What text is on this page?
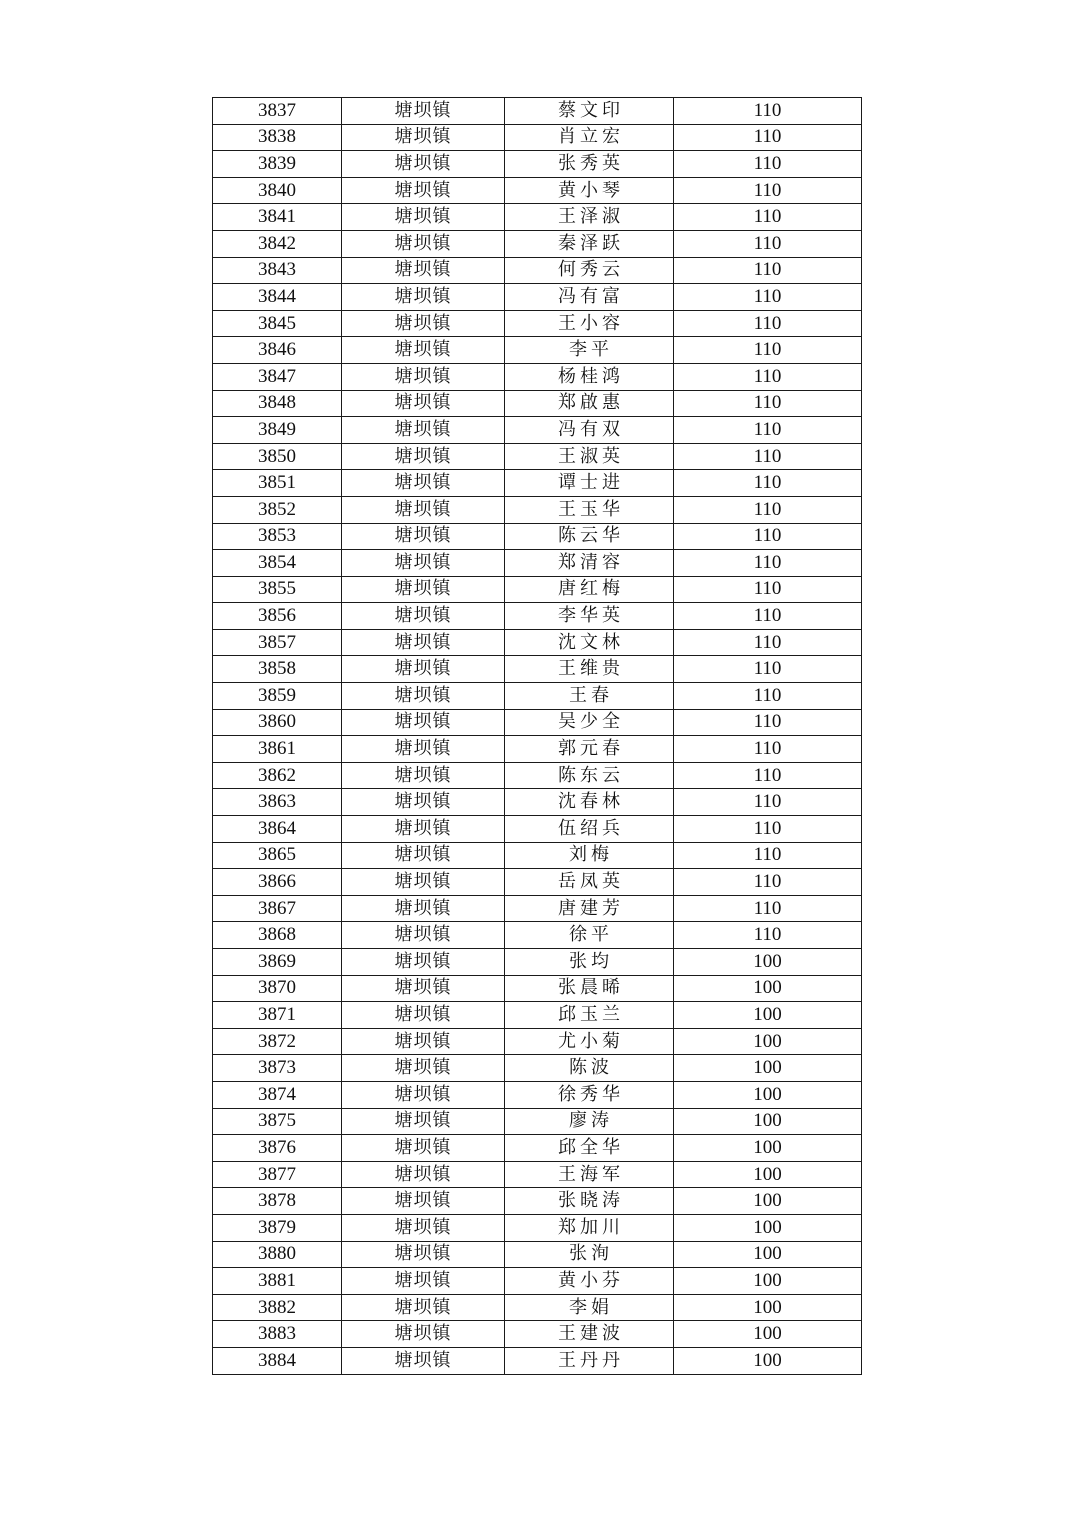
3837	塘坝镇	蔡文印	110
3838	塘坝镇	肖立宏	110
3839	塘坝镇	张秀英	110
3840	塘坝镇	黄小琴	110
3841	塘坝镇	王泽淑	110
3842	塘坝镇	秦泽跃	110
3843	塘坝镇	何秀云	110
3844	塘坝镇	冯有富	110
3845	塘坝镇	王小容	110
3846	塘坝镇	李平	110
3847	塘坝镇	杨桂鸿	110
3848	塘坝镇	郑啟惠	110
3849	塘坝镇	冯有双	110
3850	塘坝镇	王淑英	110
3851	塘坝镇	谭士进	110
3852	塘坝镇	王玉华	110
3853	塘坝镇	陈云华	110
3854	塘坝镇	郑清容	110
3855	塘坝镇	唐红梅	110
3856	塘坝镇	李华英	110
3857	塘坝镇	沈文林	110
3858	塘坝镇	王维贵	110
3859	塘坝镇	王春	110
3860	塘坝镇	吴少全	110
3861	塘坝镇	郭元春	110
3862	塘坝镇	陈东云	110
3863	塘坝镇	沈春林	110
3864	塘坝镇	伍绍兵	110
3865	塘坝镇	刘梅	110
3866	塘坝镇	岳凤英	110
3867	塘坝镇	唐建芳	110
3868	塘坝镇	徐平	110
3869	塘坝镇	张均	100
3870	塘坝镇	张晨晞	100
3871	塘坝镇	邱玉兰	100
3872	塘坝镇	尤小菊	100
3873	塘坝镇	陈波	100
3874	塘坝镇	徐秀华	100
3875	塘坝镇	廖涛	100
3876	塘坝镇	邱全华	100
3877	塘坝镇	王海军	100
3878	塘坝镇	张晓涛	100
3879	塘坝镇	郑加川	100
3880	塘坝镇	张洵	100
3881	塘坝镇	黄小芬	100
3882	塘坝镇	李娟	100
3883	塘坝镇	王建波	100
3884	塘坝镇	王丹丹	100
